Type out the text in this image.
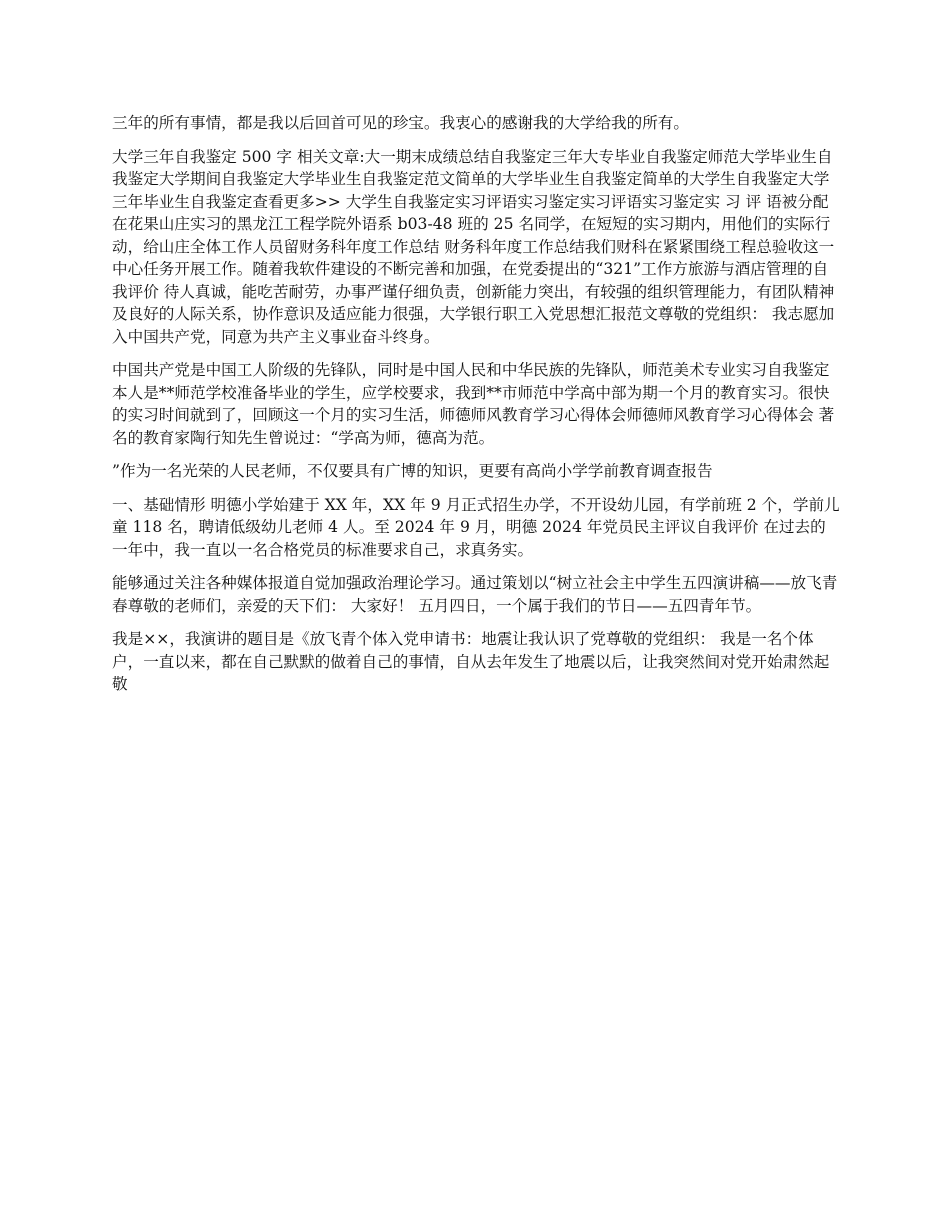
三年的所有事情，都是我以后回首可见的珍宝。我衷心的感谢我的大学给我的所有。

大学三年自我鉴定 500 字 相关文章:大一期末成绩总结自我鉴定三年大专毕业自我鉴定师范大学毕业生自我鉴定大学期间自我鉴定大学毕业生自我鉴定范文简单的大学毕业生自我鉴定简单的大学生自我鉴定大学三年毕业生自我鉴定查看更多>> 大学生自我鉴定实习评语实习鉴定实习评语实习鉴定实 习 评 语被分配在花果山庄实习的黑龙江工程学院外语系 b03-48 班的 25 名同学，在短短的实习期内，用他们的实际行动，给山庄全体工作人员留财务科年度工作总结 财务科年度工作总结我们财科在紧紧围绕工程总验收这一中心任务开展工作。随着我软件建设的不断完善和加强，在党委提出的“321”工作方旅游与酒店管理的自我评价 待人真诚，能吃苦耐劳，办事严谨仔细负责，创新能力突出，有较强的组织管理能力，有团队精神及良好的人际关系，协作意识及适应能力很强，大学银行职工入党思想汇报范文尊敬的党组织： 我志愿加入中国共产党，同意为共产主义事业奋斗终身。

中国共产党是中国工人阶级的先锋队，同时是中国人民和中华民族的先锋队，师范美术专业实习自我鉴定 本人是**师范学校准备毕业的学生，应学校要求，我到**市师范中学高中部为期一个月的教育实习。很快的实习时间就到了，回顾这一个月的实习生活，师德师风教育学习心得体会师德师风教育学习心得体会 著名的教育家陶行知先生曾说过：“学高为师，德高为范。

”作为一名光荣的人民老师，不仅要具有广博的知识，更要有高尚小学学前教育调查报告

一、基础情形 明德小学始建于 XX 年，XX 年 9 月正式招生办学，不开设幼儿园，有学前班 2 个，学前儿童 118 名，聘请低级幼儿老师 4 人。至 2024 年 9 月，明德 2024 年党员民主评议自我评价 在过去的一年中，我一直以一名合格党员的标准要求自己，求真务实。

能够通过关注各种媒体报道自觉加强政治理论学习。通过策划以“树立社会主中学生五四演讲稿——放飞青春尊敬的老师们，亲爱的天下们： 大家好！ 五月四日，一个属于我们的节日——五四青年节。

我是××，我演讲的题目是《放飞青个体入党申请书：地震让我认识了党尊敬的党组织： 我是一名个体户，一直以来，都在自己默默的做着自己的事情，自从去年发生了地震以后，让我突然间对党开始肃然起敬
